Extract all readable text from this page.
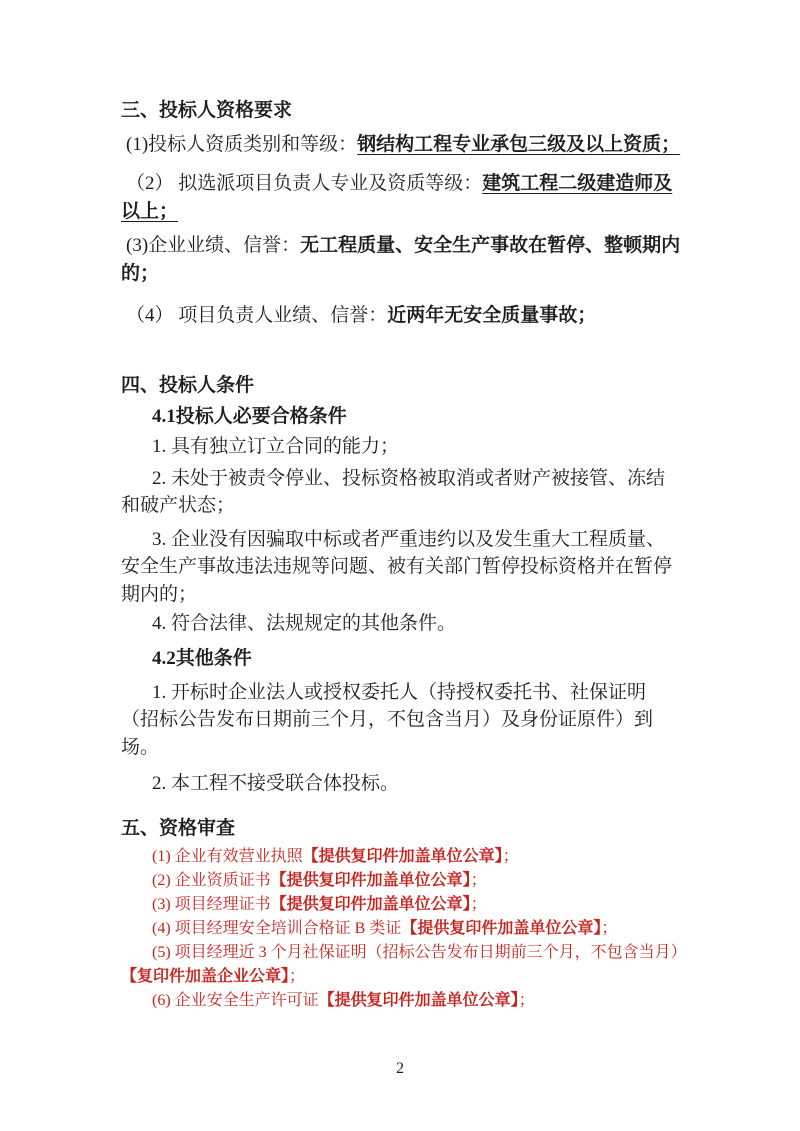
三、投标人资格要求

(1)投标人资质类别和等级：钢结构工程专业承包三级及以上资质；

（2） 拟选派项目负责人专业及资质等级：建筑工程二级建造师及以上；

(3)企业业绩、信誉：无工程质量、安全生产事故在暂停、整顿期内的；

（4） 项目负责人业绩、信誉：近两年无安全质量事故；

四、投标人条件
4.1投标人必要合格条件

1. 具有独立订立合同的能力；

2. 未处于被责令停业、投标资格被取消或者财产被接管、冻结和破产状态；

3. 企业没有因骗取中标或者严重违约以及发生重大工程质量、安全生产事故违法违规等问题、被有关部门暂停投标资格并在暂停期内的；

4. 符合法律、法规规定的其他条件。

4.2其他条件

1. 开标时企业法人或授权委托人（持授权委托书、社保证明（招标公告发布日期前三个月，不包含当月）及身份证原件）到场。

2. 本工程不接受联合体投标。

五、资格审查

(1) 企业有效营业执照【提供复印件加盖单位公章】；

(2) 企业资质证书【提供复印件加盖单位公章】；

(3) 项目经理证书【提供复印件加盖单位公章】；

(4) 项目经理安全培训合格证 B 类证【提供复印件加盖单位公章】；

(5) 项目经理近 3 个月社保证明（招标公告发布日期前三个月，不包含当月）【复印件加盖企业公章】；

(6) 企业安全生产许可证【提供复印件加盖单位公章】；

2
